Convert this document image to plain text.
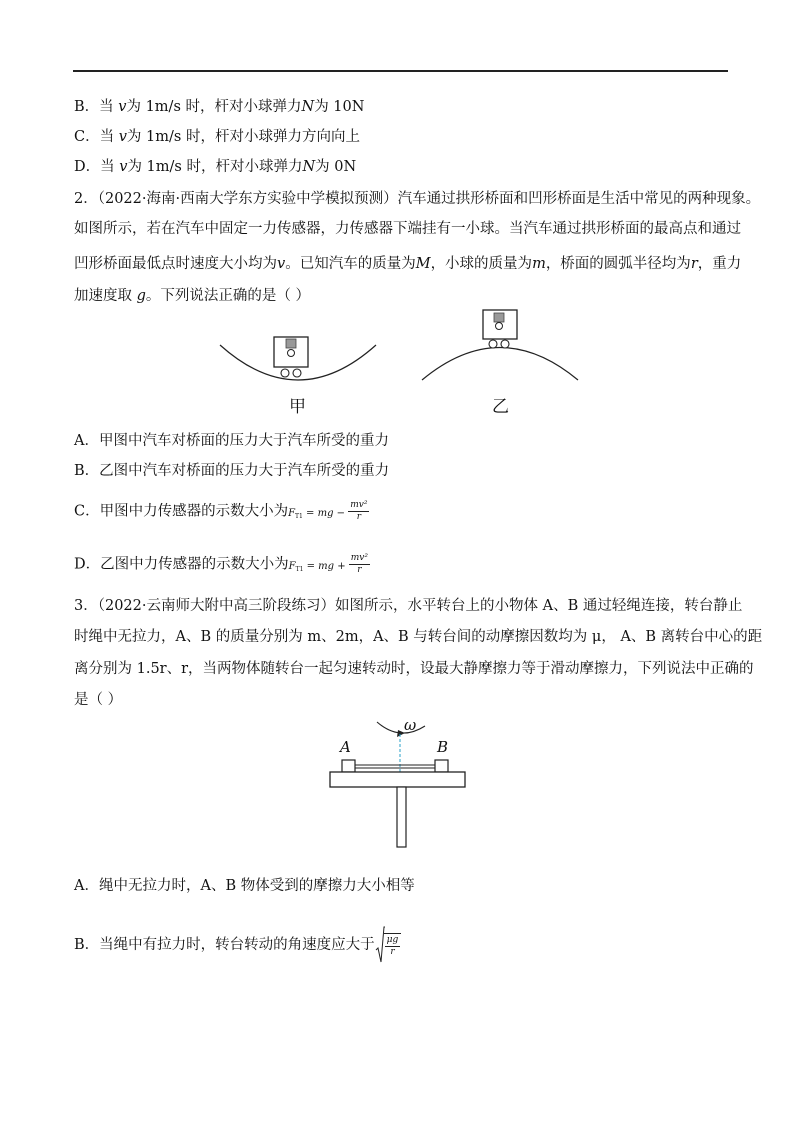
B．当 v为 1m/s 时，杆对小球弹力N为 10N
C．当 v为 1m/s 时，杆对小球弹力方向向上
D．当 v为 1m/s 时，杆对小球弹力N为 0N
2．（2022·海南·西南大学东方实验中学模拟预测）汽车通过拱形桥面和凹形桥面是生活中常见的两种现象。
如图所示，若在汽车中固定一力传感器，力传感器下端挂有一小球。当汽车通过拱形桥面的最高点和通过
凹形桥面最低点时速度大小均为v。已知汽车的质量为M，小球的质量为m，桥面的圆弧半径均为r，重力
加速度取 g。下列说法正确的是（ ）
甲	乙
A．甲图中汽车对桥面的压力大于汽车所受的重力
B．乙图中汽车对桥面的压力大于汽车所受的重力
C．甲图中力传感器的示数大小为$F_{T1}$ = mg − $\frac{\text{mv²}}{r}$
D．乙图中力传感器的示数大小为$F_{T1}$ = mg + $\frac{\text{mv²}}{r}$
3．（2022·云南师大附中高三阶段练习）如图所示，水平转台上的小物体 A、B 通过轻绳连接，转台静止
时绳中无拉力，A、B 的质量分别为 m、2m，A、B 与转台间的动摩擦因数均为 μ， A、B 离转台中心的距
离分别为 1.5r、r，当两物体随转台一起匀速转动时，设最大静摩擦力等于滑动摩擦力，下列说法中正确的
是（ ）
ω
A	B
A．绳中无拉力时，A、B 物体受到的摩擦力大小相等
B．当绳中有拉力时，转台转动的角速度应大于 $\frac{\mu g}{r}$
